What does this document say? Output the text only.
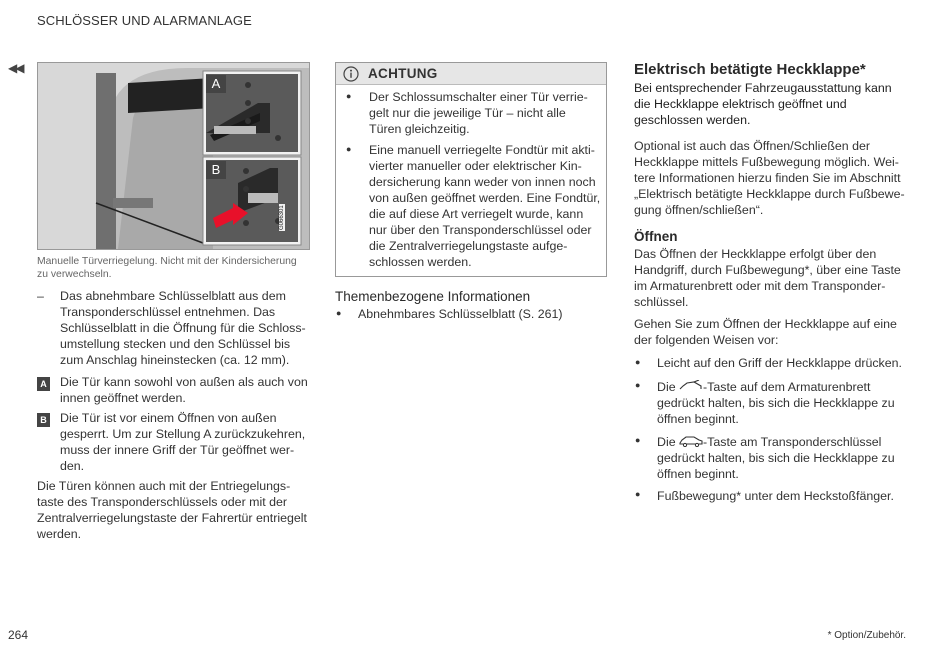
SCHLÖSSER UND ALARMANLAGE
◀◀
A
B
G066301
Manuelle Türverriegelung. Nicht mit der Kindersicherung
zu verwechseln.
– Das abnehmbare Schlüsselblatt aus dem
Transponderschlüssel entnehmen. Das
Schlüsselblatt in die Öffnung für die Schloss-
umstellung stecken und den Schlüssel bis
zum Anschlag hineinstecken (ca. 12 mm).
A Die Tür kann sowohl von außen als auch von
innen geöffnet werden.
B Die Tür ist vor einem Öffnen von außen
gesperrt. Um zur Stellung A zurückzukehren,
muss der innere Griff der Tür geöffnet wer-
den.
Die Türen können auch mit der Entriegelungs-
taste des Transponderschlüssels oder mit der
Zentralverriegelungstaste der Fahrertür entriegelt
werden.
ACHTUNG
● Der Schlossumschalter einer Tür verrie-
gelt nur die jeweilige Tür – nicht alle
Türen gleichzeitig.
● Eine manuell verriegelte Fondtür mit akti-
vierter manueller oder elektrischer Kin-
dersicherung kann weder von innen noch
von außen geöffnet werden. Eine Fondtür,
die auf diese Art verriegelt wurde, kann
nur über den Transponderschlüssel oder
die Zentralverriegelungstaste aufge-
schlossen werden.
Themenbezogene Informationen
● Abnehmbares Schlüsselblatt (S. 261)
Elektrisch betätigte Heckklappe*
Bei entsprechender Fahrzeugausstattung kann
die Heckklappe elektrisch geöffnet und
geschlossen werden.
Optional ist auch das Öffnen/Schließen der
Heckklappe mittels Fußbewegung möglich. Wei-
tere Informationen hierzu finden Sie im Abschnitt
„Elektrisch betätigte Heckklappe durch Fußbewe-
gung öffnen/schließen“.
Öffnen
Das Öffnen der Heckklappe erfolgt über den
Handgriff, durch Fußbewegung*, über eine Taste
im Armaturenbrett oder mit dem Transponder-
schlüssel.
Gehen Sie zum Öffnen der Heckklappe auf eine
der folgenden Weisen vor:
● Leicht auf den Griff der Heckklappe drücken.
● Die -Taste auf dem Armaturenbrett
gedrückt halten, bis sich die Heckklappe zu
öffnen beginnt.
● Die -Taste am Transponderschlüssel
gedrückt halten, bis sich die Heckklappe zu
öffnen beginnt.
● Fußbewegung* unter dem Heckstoßfänger.
264	* Option/Zubehör.
